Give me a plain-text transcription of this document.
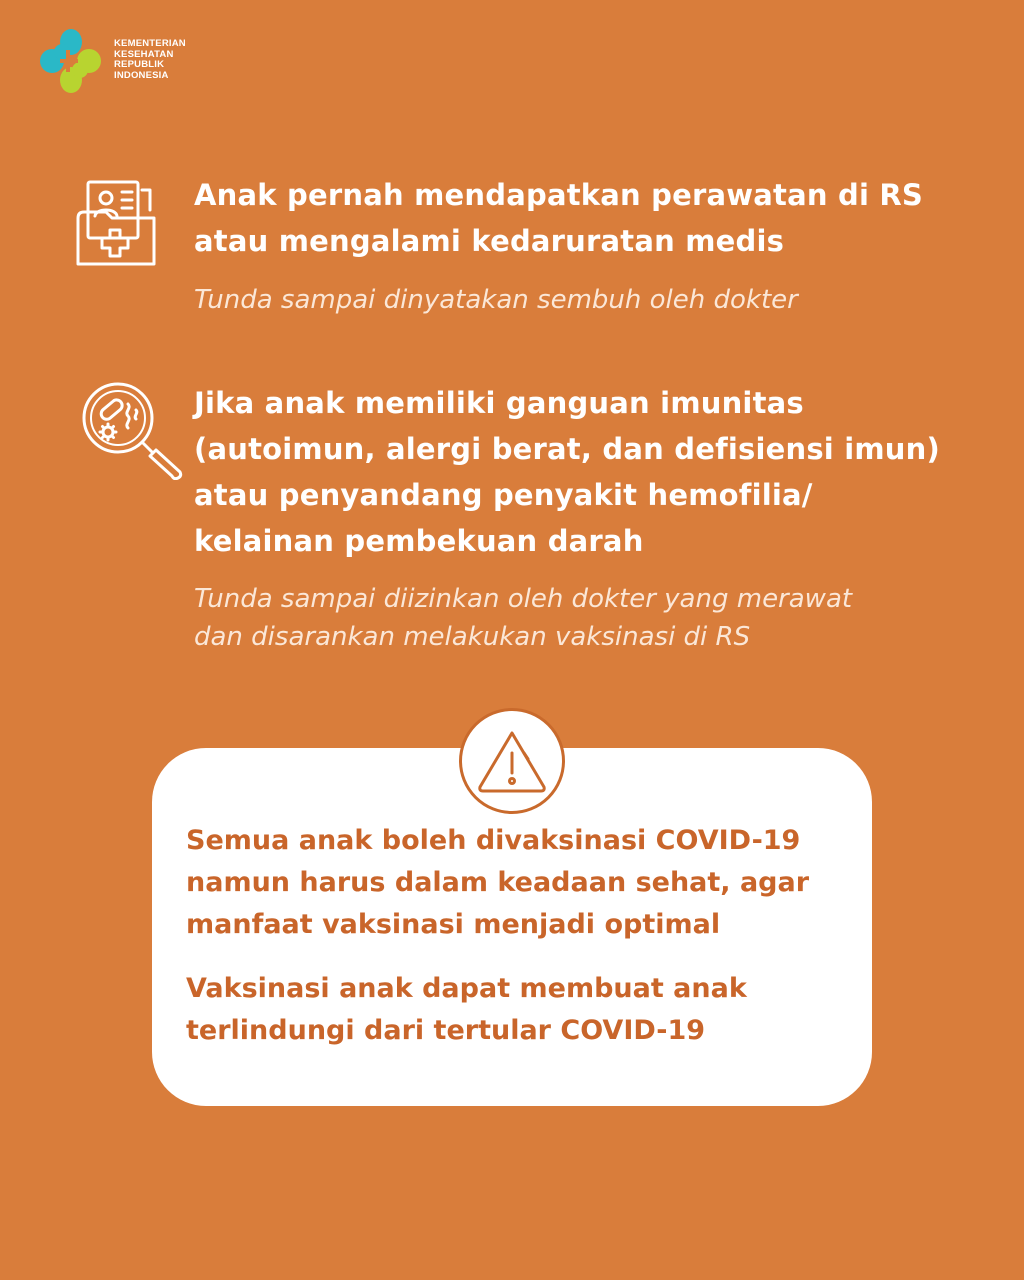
KEMENTERIAN
KESEHATAN
REPUBLIK
INDONESIA
Anak pernah mendapatkan perawatan di RS
atau mengalami kedaruratan medis
Tunda sampai dinyatakan sembuh oleh dokter
Jika anak memiliki ganguan imunitas
(autoimun, alergi berat, dan defisiensi imun)
atau penyandang penyakit hemofilia/
kelainan pembekuan darah
Tunda sampai diizinkan oleh dokter yang merawat
dan disarankan melakukan vaksinasi di RS
Semua anak boleh divaksinasi COVID-19
namun harus dalam keadaan sehat, agar
manfaat vaksinasi menjadi optimal
Vaksinasi anak dapat membuat anak
terlindungi dari tertular COVID-19
